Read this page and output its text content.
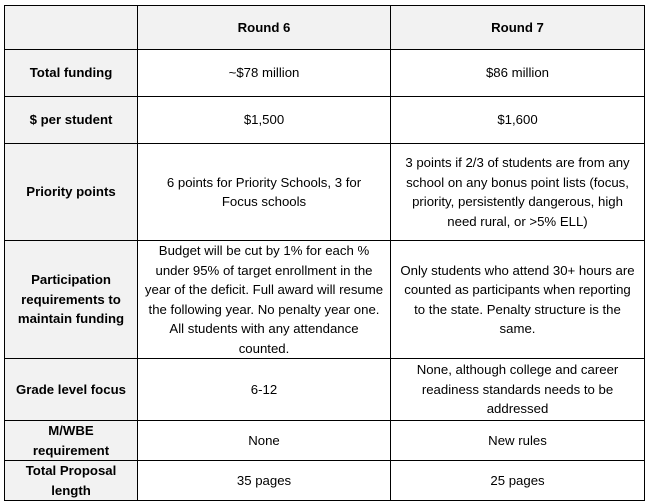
	Round 6	Round 7
Total funding	~$78 million	$86 million
$ per student	$1,500	$1,600
Priority points	6 points for Priority Schools, 3 for Focus schools	3 points if 2/3 of students are from any school on any bonus point lists (focus, priority, persistently dangerous, high need rural, or >5% ELL)
Participation requirements to maintain funding	Budget will be cut by 1% for each % under 95% of target enrollment in the year of the deficit. Full award will resume the following year. No penalty year one. All students with any attendance counted.	Only students who attend 30+ hours are counted as participants when reporting to the state. Penalty structure is the same.
Grade level focus	6-12	None, although college and career readiness standards needs to be addressed
M/WBE requirement	None	New rules
Total Proposal length	35 pages	25 pages
